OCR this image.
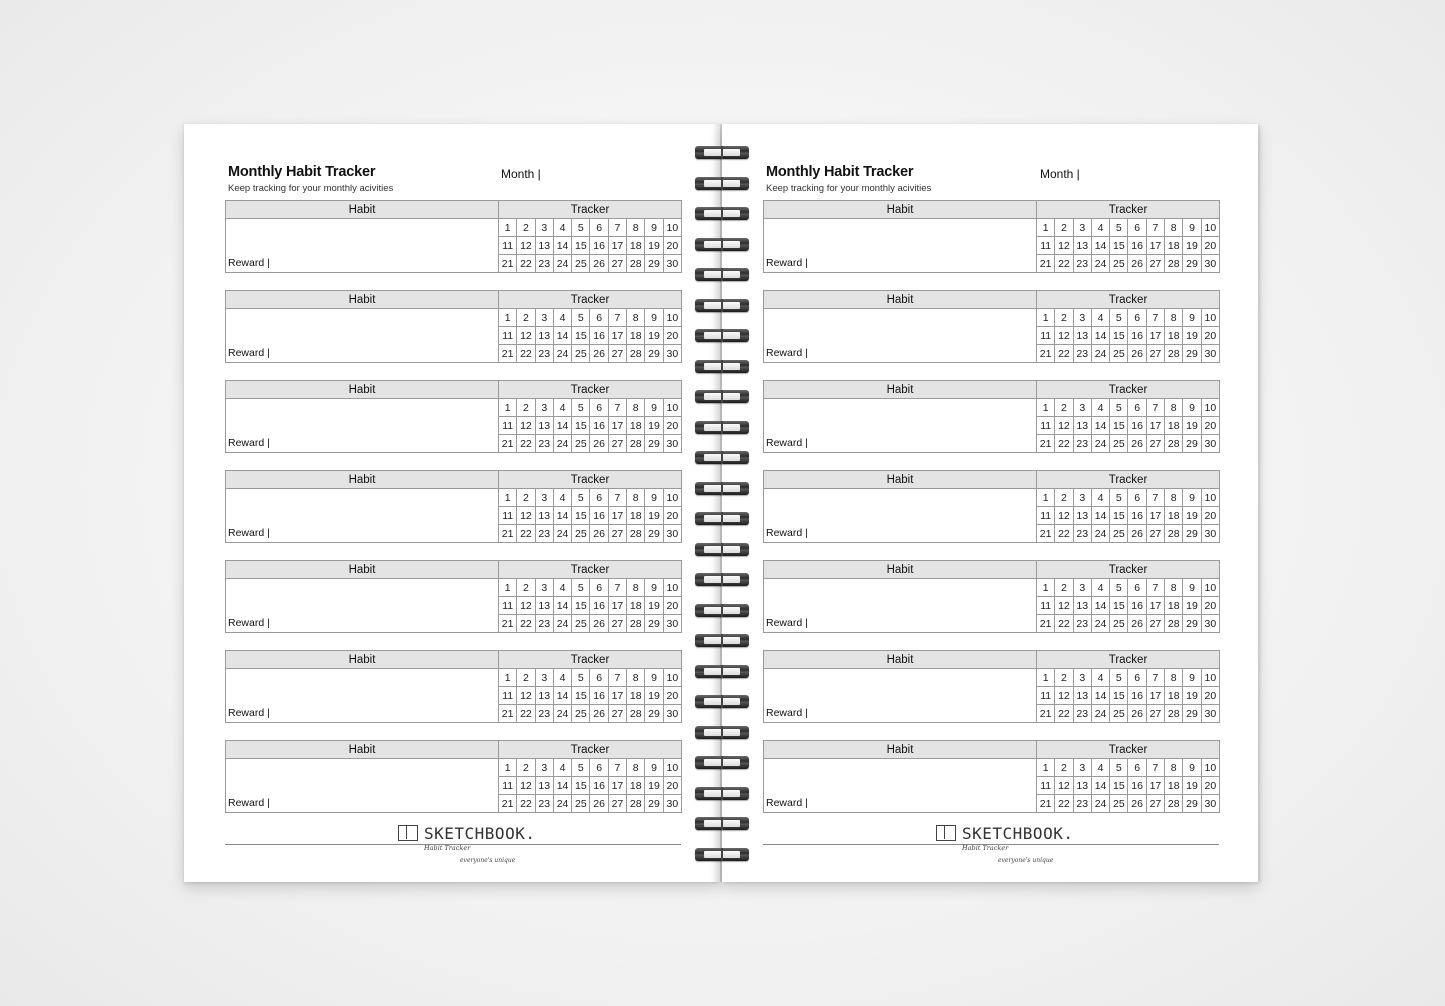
Monthly Habit Tracker
Keep tracking for your monthly acivities
Month |
Habit	Tracker									
	1	2	3	4	5	6	7	8	9	10
	11	12	13	14	15	16	17	18	19	20
Reward |	21	22	23	24	25	26	27	28	29	30
Habit	Tracker									
	1	2	3	4	5	6	7	8	9	10
	11	12	13	14	15	16	17	18	19	20
Reward |	21	22	23	24	25	26	27	28	29	30
Habit	Tracker									
	1	2	3	4	5	6	7	8	9	10
	11	12	13	14	15	16	17	18	19	20
Reward |	21	22	23	24	25	26	27	28	29	30
Habit	Tracker									
	1	2	3	4	5	6	7	8	9	10
	11	12	13	14	15	16	17	18	19	20
Reward |	21	22	23	24	25	26	27	28	29	30
Habit	Tracker									
	1	2	3	4	5	6	7	8	9	10
	11	12	13	14	15	16	17	18	19	20
Reward |	21	22	23	24	25	26	27	28	29	30
Habit	Tracker									
	1	2	3	4	5	6	7	8	9	10
	11	12	13	14	15	16	17	18	19	20
Reward |	21	22	23	24	25	26	27	28	29	30
Habit	Tracker									
	1	2	3	4	5	6	7	8	9	10
	11	12	13	14	15	16	17	18	19	20
Reward |	21	22	23	24	25	26	27	28	29	30
SKETCHBOOK.
Habit Tracker
everyone's unique
Monthly Habit Tracker
Keep tracking for your monthly acivities
Month |
Habit	Tracker									
	1	2	3	4	5	6	7	8	9	10
	11	12	13	14	15	16	17	18	19	20
Reward |	21	22	23	24	25	26	27	28	29	30
Habit	Tracker									
	1	2	3	4	5	6	7	8	9	10
	11	12	13	14	15	16	17	18	19	20
Reward |	21	22	23	24	25	26	27	28	29	30
Habit	Tracker									
	1	2	3	4	5	6	7	8	9	10
	11	12	13	14	15	16	17	18	19	20
Reward |	21	22	23	24	25	26	27	28	29	30
Habit	Tracker									
	1	2	3	4	5	6	7	8	9	10
	11	12	13	14	15	16	17	18	19	20
Reward |	21	22	23	24	25	26	27	28	29	30
Habit	Tracker									
	1	2	3	4	5	6	7	8	9	10
	11	12	13	14	15	16	17	18	19	20
Reward |	21	22	23	24	25	26	27	28	29	30
Habit	Tracker									
	1	2	3	4	5	6	7	8	9	10
	11	12	13	14	15	16	17	18	19	20
Reward |	21	22	23	24	25	26	27	28	29	30
Habit	Tracker									
	1	2	3	4	5	6	7	8	9	10
	11	12	13	14	15	16	17	18	19	20
Reward |	21	22	23	24	25	26	27	28	29	30
SKETCHBOOK.
Habit Tracker
everyone's unique
